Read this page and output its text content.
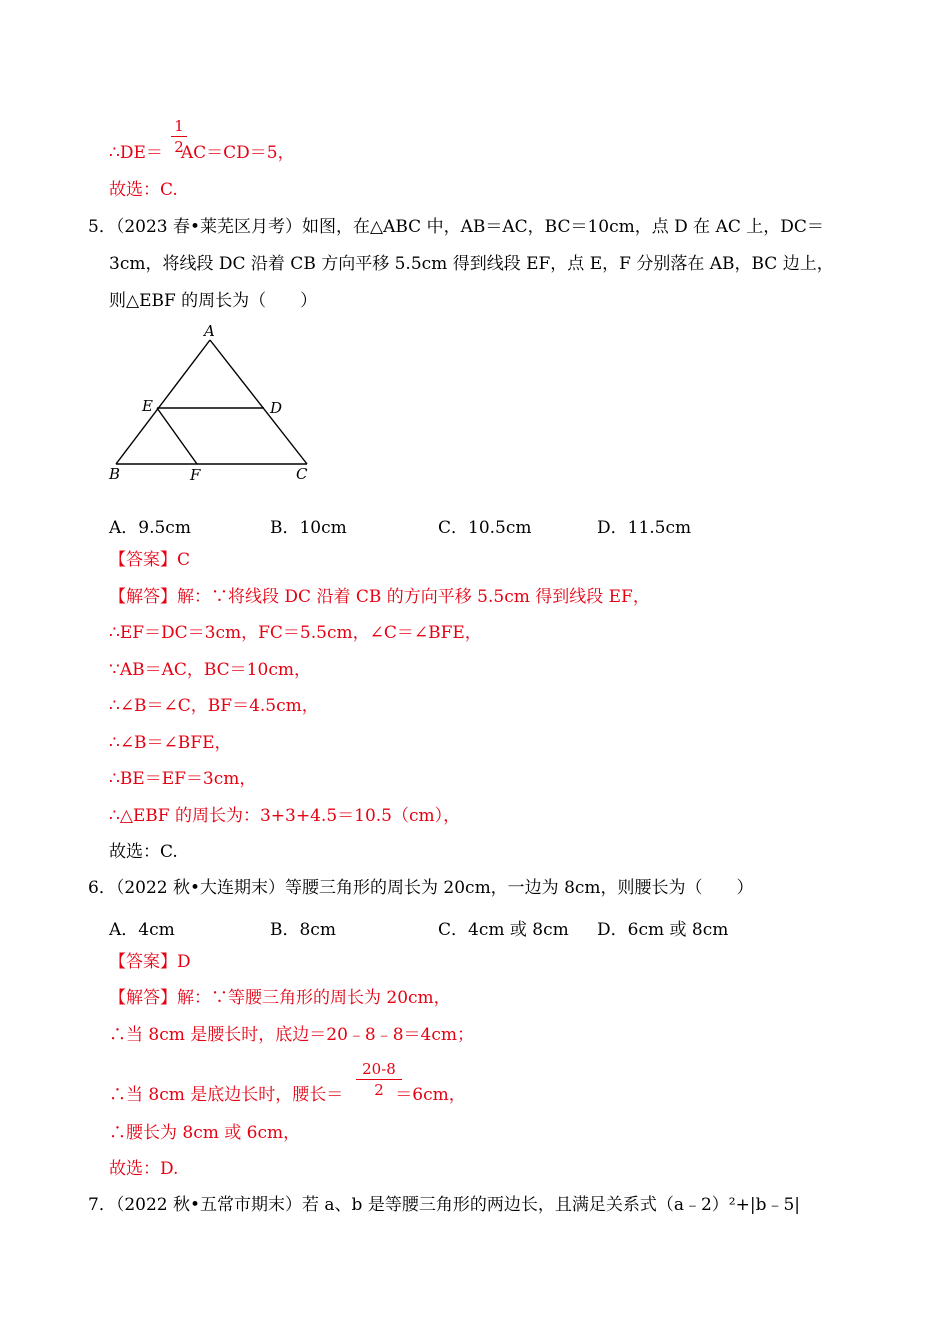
1
2
∴DE＝ AC＝CD＝5，
故选：C.
5．（2023 春•莱芜区月考）如图，在△ABC 中，AB＝AC，BC＝10cm，点 D 在 AC 上，DC＝
3cm，将线段 DC 沿着 CB 方向平移 5.5cm 得到线段 EF，点 E，F 分别落在 AB，BC 边上，
则△EBF 的周长为（　　）
A
E	D
B	F	C
A．9.5cm	B．10cm	C．10.5cm	D．11.5cm
【答案】C
【解答】解：∵将线段 DC 沿着 CB 的方向平移 5.5cm 得到线段 EF，
∴EF＝DC＝3cm，FC＝5.5cm，∠C＝∠BFE，
∵AB＝AC，BC＝10cm，
∴∠B＝∠C，BF＝4.5cm，
∴∠B＝∠BFE，
∴BE＝EF＝3cm，
∴△EBF 的周长为：3+3+4.5＝10.5（cm），
故选：C.
6．（2022 秋•大连期末）等腰三角形的周长为 20cm，一边为 8cm，则腰长为（　　）
A．4cm	B．8cm	C．4cm 或 8cm D．6cm 或 8cm
【答案】D
【解答】解：∵等腰三角形的周长为 20cm，
∴当 8cm 是腰长时，底边＝20﹣8﹣8＝4cm；
20-8
2
∴当 8cm 是底边长时，腰长＝	＝6cm，
∴腰长为 8cm 或 6cm，
故选：D.
7．（2022 秋•五常市期末）若 a、b 是等腰三角形的两边长，且满足关系式（a﹣2）²+|b﹣5|
